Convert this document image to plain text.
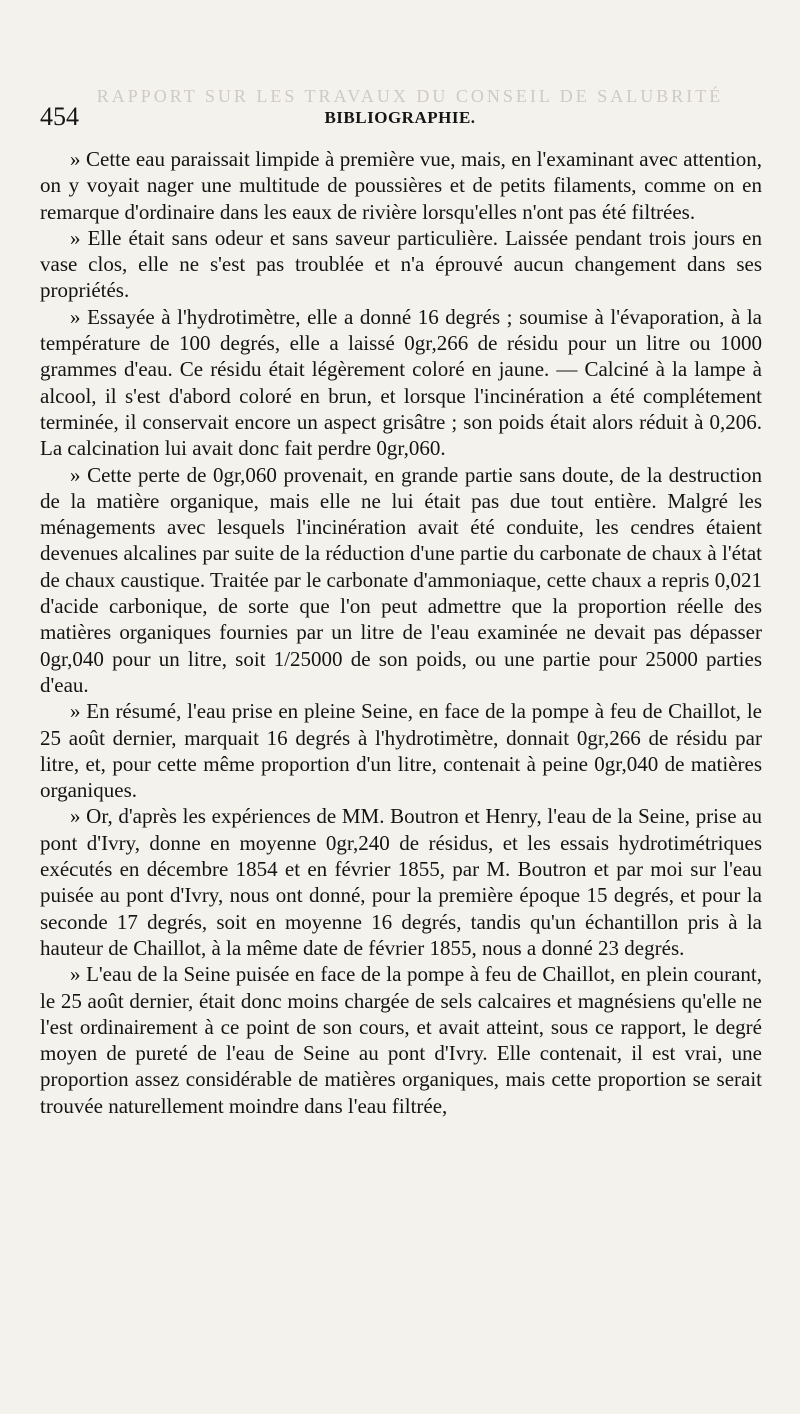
RAPPORT SUR LES TRAVAUX DU CONSEIL DE SALUBRITÉ
454	BIBLIOGRAPHIE.

» Cette eau paraissait limpide à première vue, mais, en l'examinant avec attention, on y voyait nager une multitude de poussières et de petits filaments, comme on en remarque d'ordinaire dans les eaux de rivière lorsqu'elles n'ont pas été filtrées.

» Elle était sans odeur et sans saveur particulière. Laissée pendant trois jours en vase clos, elle ne s'est pas troublée et n'a éprouvé aucun changement dans ses propriétés.

» Essayée à l'hydrotimètre, elle a donné 16 degrés ; soumise à l'évaporation, à la température de 100 degrés, elle a laissé 0gr,266 de résidu pour un litre ou 1000 grammes d'eau. Ce résidu était légèrement coloré en jaune. — Calciné à la lampe à alcool, il s'est d'abord coloré en brun, et lorsque l'incinération a été complétement terminée, il conservait encore un aspect grisâtre ; son poids était alors réduit à 0,206. La calcination lui avait donc fait perdre 0gr,060.

» Cette perte de 0gr,060 provenait, en grande partie sans doute, de la destruction de la matière organique, mais elle ne lui était pas due tout entière. Malgré les ménagements avec lesquels l'incinération avait été conduite, les cendres étaient devenues alcalines par suite de la réduction d'une partie du carbonate de chaux à l'état de chaux caustique. Traitée par le carbonate d'ammoniaque, cette chaux a repris 0,021 d'acide carbonique, de sorte que l'on peut admettre que la proportion réelle des matières organiques fournies par un litre de l'eau examinée ne devait pas dépasser 0gr,040 pour un litre, soit 1/25000 de son poids, ou une partie pour 25000 parties d'eau.

» En résumé, l'eau prise en pleine Seine, en face de la pompe à feu de Chaillot, le 25 août dernier, marquait 16 degrés à l'hydrotimètre, donnait 0gr,266 de résidu par litre, et, pour cette même proportion d'un litre, contenait à peine 0gr,040 de matières organiques.

» Or, d'après les expériences de MM. Boutron et Henry, l'eau de la Seine, prise au pont d'Ivry, donne en moyenne 0gr,240 de résidus, et les essais hydrotimétriques exécutés en décembre 1854 et en février 1855, par M. Boutron et par moi sur l'eau puisée au pont d'Ivry, nous ont donné, pour la première époque 15 degrés, et pour la seconde 17 degrés, soit en moyenne 16 degrés, tandis qu'un échantillon pris à la hauteur de Chaillot, à la même date de février 1855, nous a donné 23 degrés.

» L'eau de la Seine puisée en face de la pompe à feu de Chaillot, en plein courant, le 25 août dernier, était donc moins chargée de sels calcaires et magnésiens qu'elle ne l'est ordinairement à ce point de son cours, et avait atteint, sous ce rapport, le degré moyen de pureté de l'eau de Seine au pont d'Ivry. Elle contenait, il est vrai, une proportion assez considérable de matières organiques, mais cette proportion se serait trouvée naturellement moindre dans l'eau filtrée,
